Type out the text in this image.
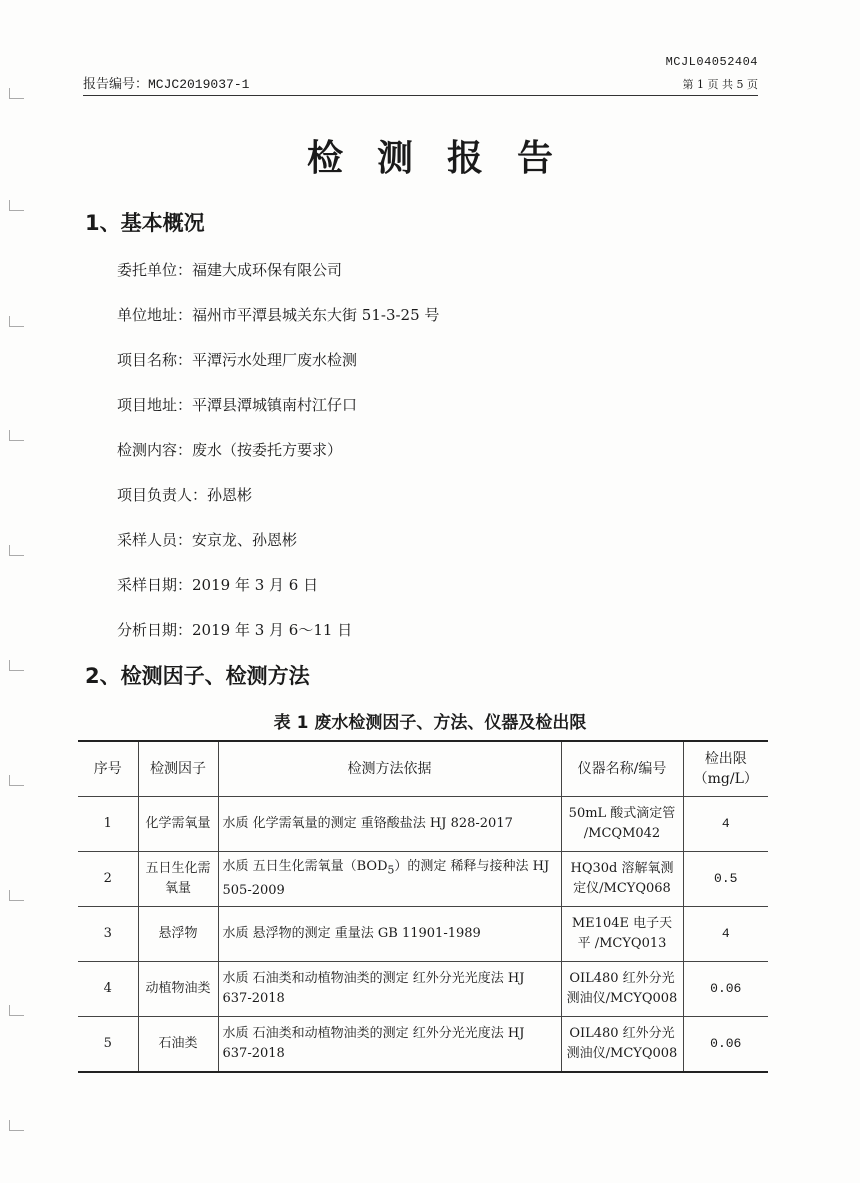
MCJL04052404
报告编号：MCJC2019037-1	第 1 页 共 5 页
检测报告
1、基本概况
委托单位：福建大成环保有限公司
单位地址：福州市平潭县城关东大街 51-3-25 号
项目名称：平潭污水处理厂废水检测
项目地址：平潭县潭城镇南村江仔口
检测内容：废水（按委托方要求）
项目负责人：孙恩彬
采样人员：安京龙、孙恩彬
采样日期：2019 年 3 月 6 日
分析日期：2019 年 3 月 6～11 日
2、检测因子、检测方法
表 1 废水检测因子、方法、仪器及检出限
序号	检测因子	检测方法依据	仪器名称/编号	检出限
（mg/L）
1	化学需氧量	水质 化学需氧量的测定 重铬酸盐法 HJ 828-2017	50mL 酸式滴定管 /MCQM042	4
2	五日生化需氧量	水质 五日生化需氧量$(BOD_5)$的测定 稀释与接种法 HJ 505-2009	HQ30d 溶解氧测定仪/MCYQ068	0.5
3	悬浮物	水质 悬浮物的测定 重量法 GB 11901-1989	ME104E 电子天平 /MCYQ013	4
4	动植物油类	水质 石油类和动植物油类的测定 红外分光光度法 HJ 637-2018	OIL480 红外分光测油仪/MCYQ008	0.06
5	石油类	水质 石油类和动植物油类的测定 红外分光光度法 HJ 637-2018	OIL480 红外分光测油仪/MCYQ008	0.06
